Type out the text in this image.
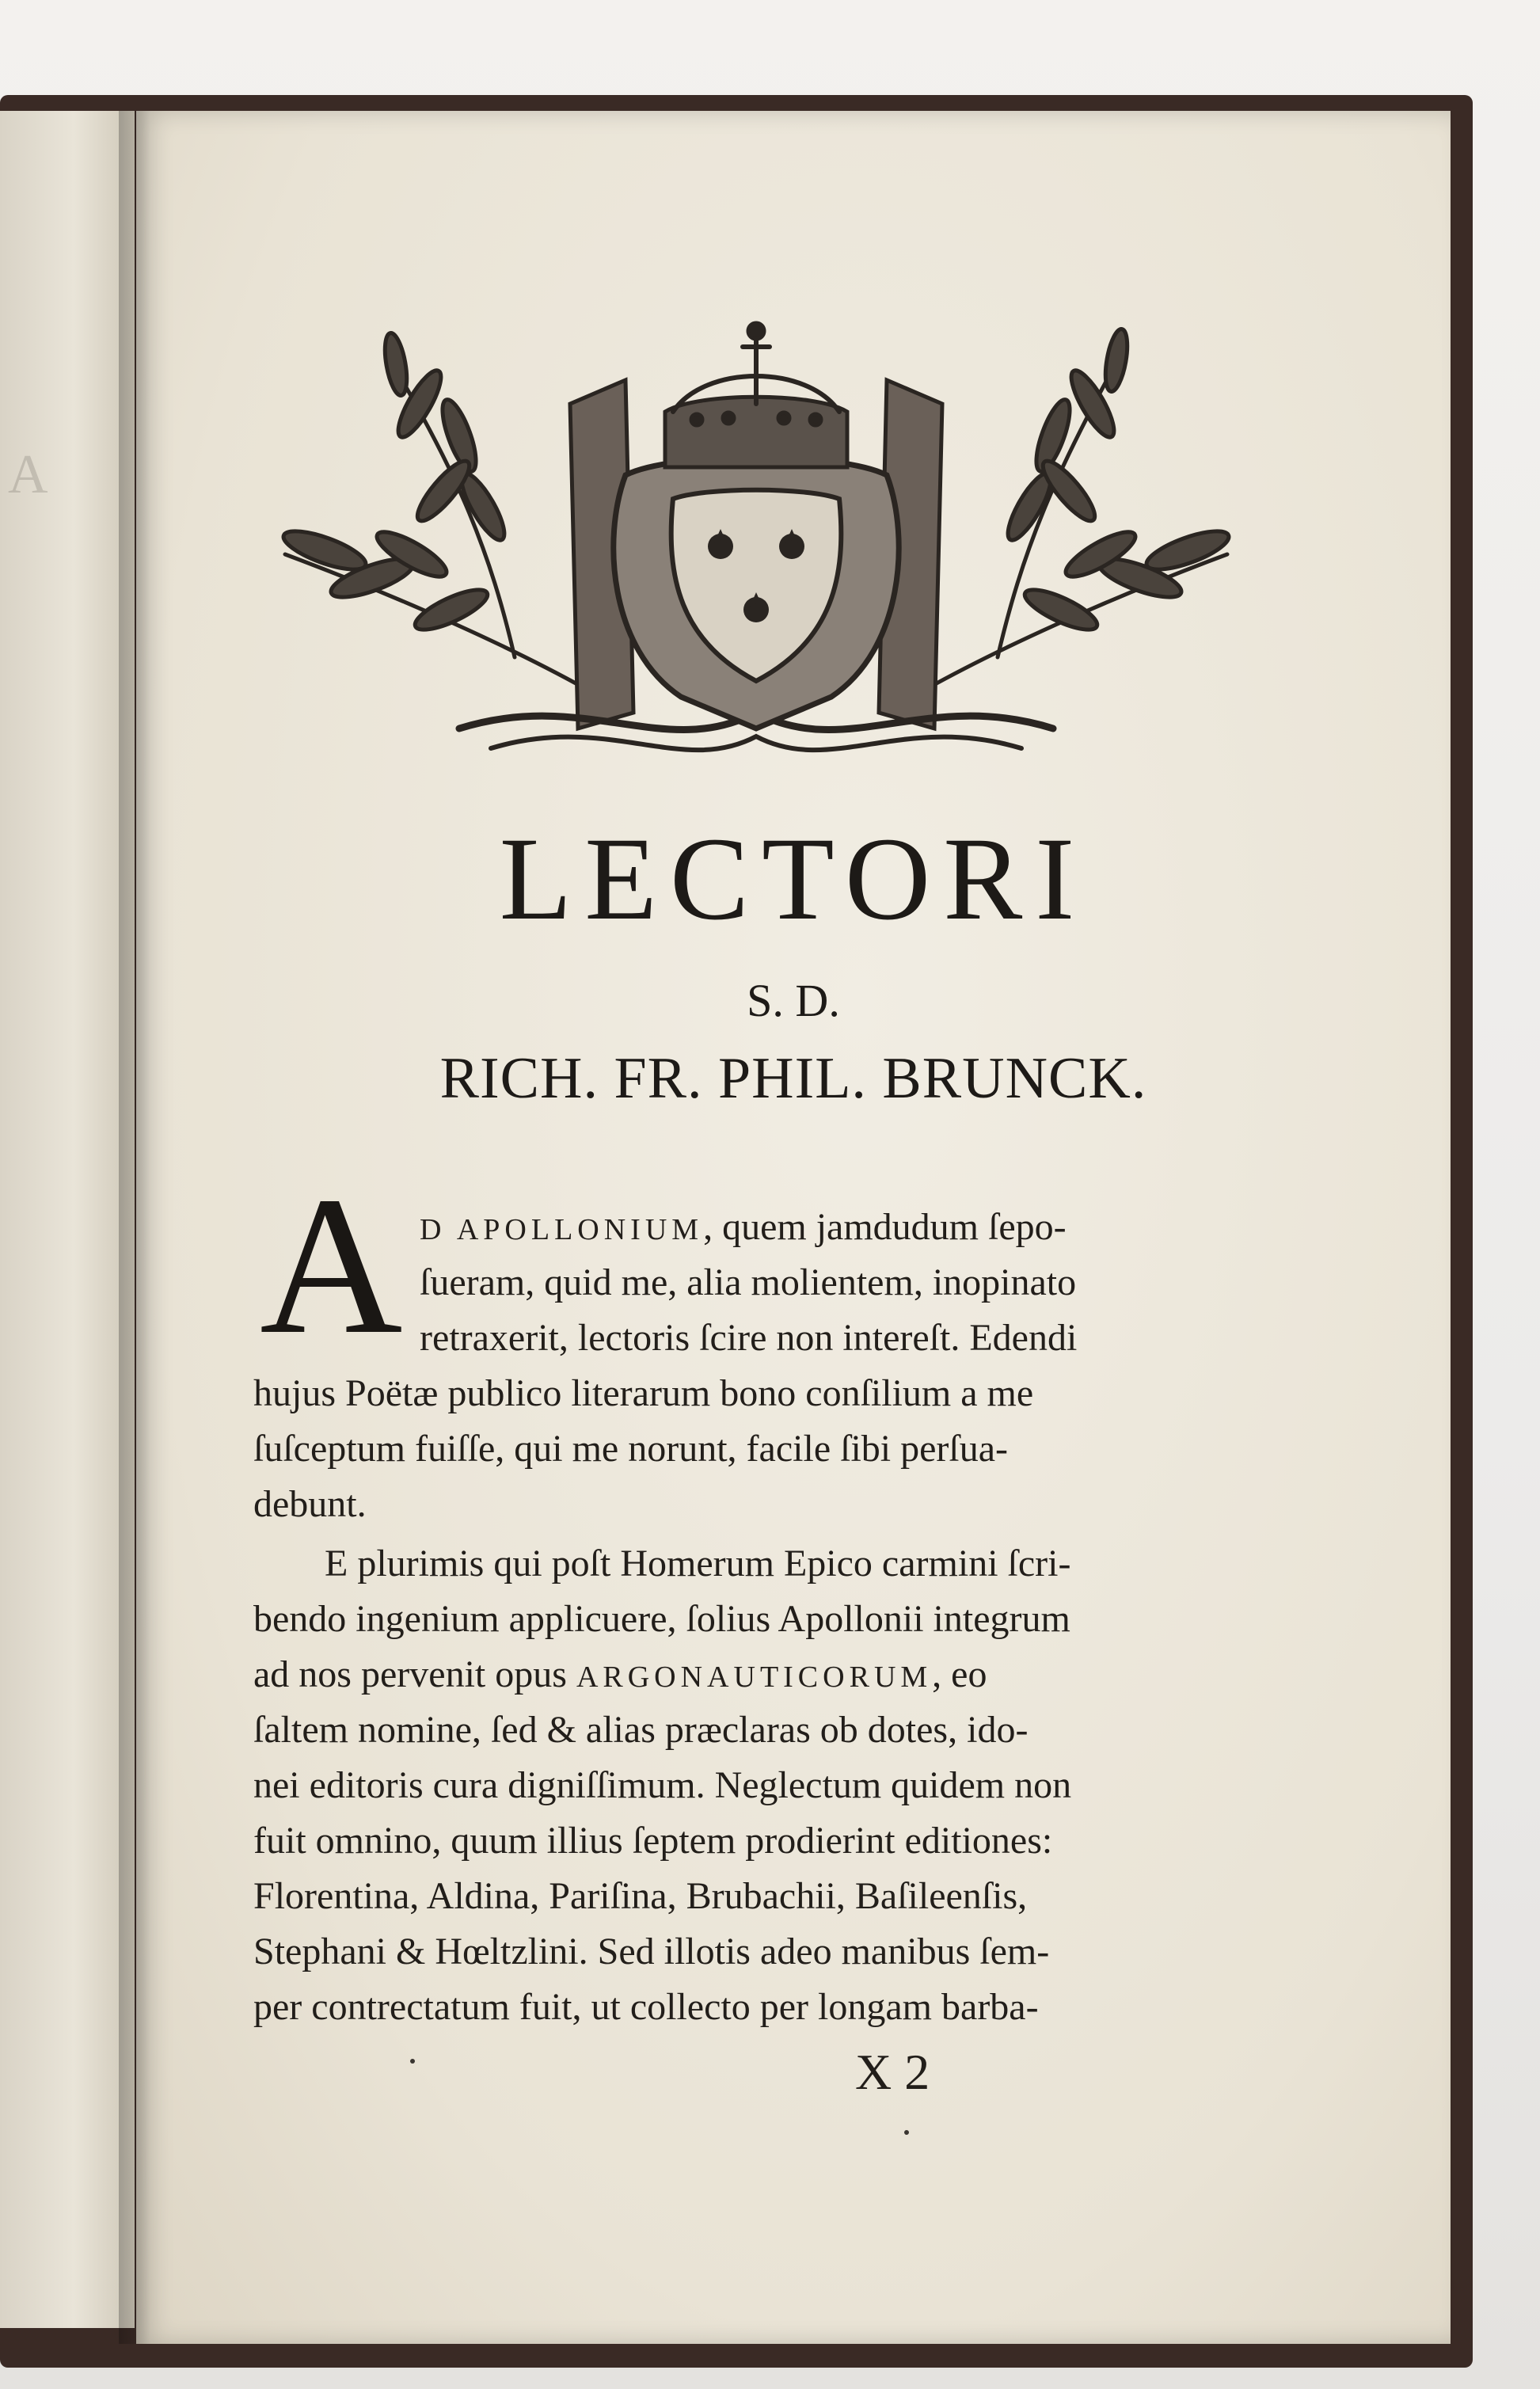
A
LECTORI
S. D.
RICH. FR. PHIL. BRUNCK.
A D APOLLONIUM, quem jamdudum ſepo-
ſueram, quid me, alia molientem, inopinato
retraxerit, lectoris ſcire non intereſt. Edendi
hujus Poëtæ publico literarum bono conſilium a me
ſuſceptum fuiſſe, qui me norunt, facile ſibi perſua-
debunt.
E plurimis qui poſt Homerum Epico carmini ſcri-
bendo ingenium applicuere, ſolius Apollonii integrum
ad nos pervenit opus ARGONAUTICORUM, eo
ſaltem nomine, ſed & alias præclaras ob dotes, ido-
nei editoris cura digniſſimum. Neglectum quidem non
fuit omnino, quum illius ſeptem prodierint editiones:
Florentina, Aldina, Pariſina, Brubachii, Baſileenſis,
Stephani & Hœltzlini. Sed illotis adeo manibus ſem-
per contrectatum fuit, ut collecto per longam barba-
X 2
